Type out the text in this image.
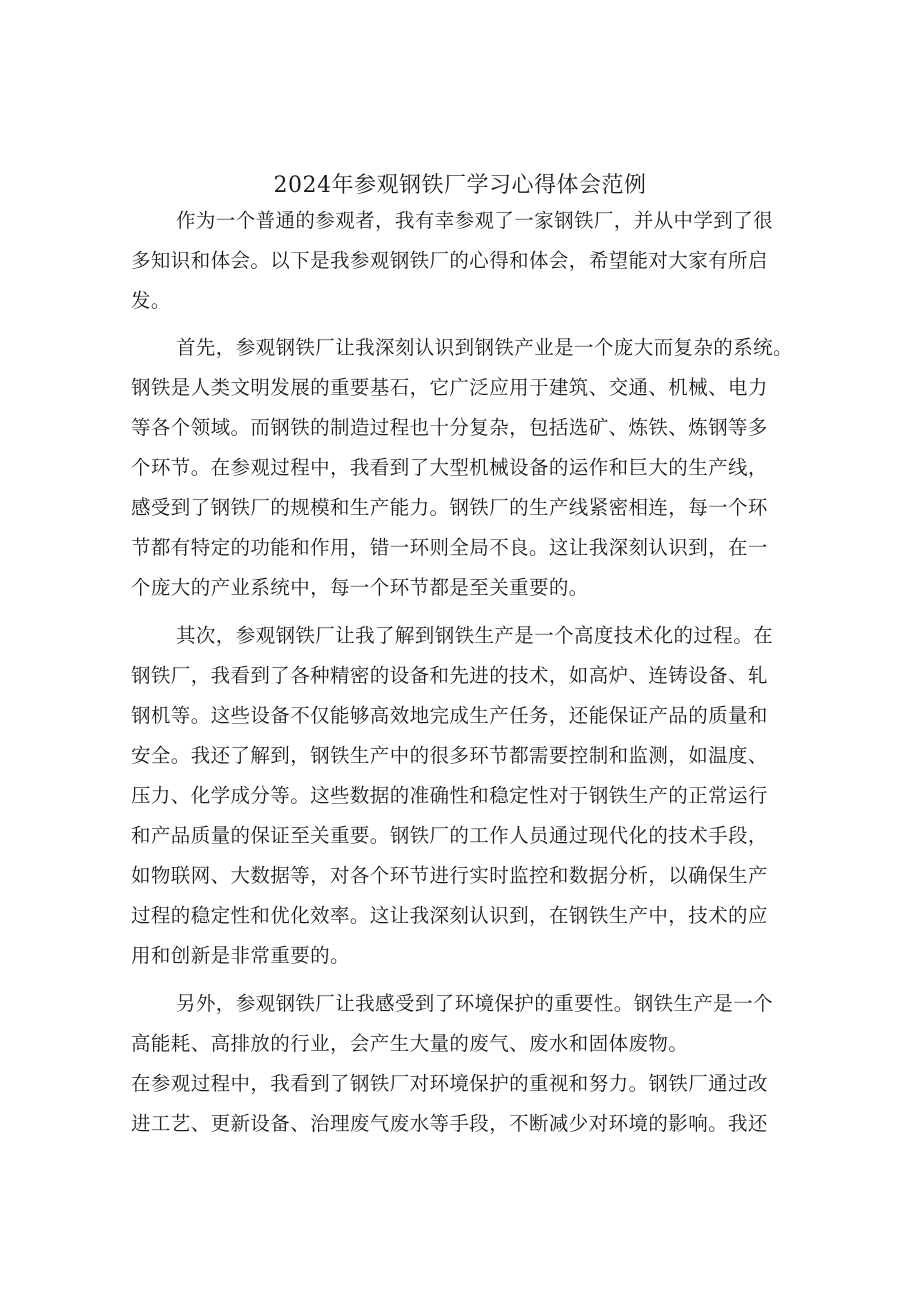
2024年参观钢铁厂学习心得体会范例
作为一个普通的参观者，我有幸参观了一家钢铁厂，并从中学到了很
多知识和体会。以下是我参观钢铁厂的心得和体会，希望能对大家有所启
发。
首先，参观钢铁厂让我深刻认识到钢铁产业是一个庞大而复杂的系统。
钢铁是人类文明发展的重要基石，它广泛应用于建筑、交通、机械、电力
等各个领域。而钢铁的制造过程也十分复杂，包括选矿、炼铁、炼钢等多
个环节。在参观过程中，我看到了大型机械设备的运作和巨大的生产线，
感受到了钢铁厂的规模和生产能力。钢铁厂的生产线紧密相连，每一个环
节都有特定的功能和作用，错一环则全局不良。这让我深刻认识到，在一
个庞大的产业系统中，每一个环节都是至关重要的。
其次，参观钢铁厂让我了解到钢铁生产是一个高度技术化的过程。在
钢铁厂，我看到了各种精密的设备和先进的技术，如高炉、连铸设备、轧
钢机等。这些设备不仅能够高效地完成生产任务，还能保证产品的质量和
安全。我还了解到，钢铁生产中的很多环节都需要控制和监测，如温度、
压力、化学成分等。这些数据的准确性和稳定性对于钢铁生产的正常运行
和产品质量的保证至关重要。钢铁厂的工作人员通过现代化的技术手段，
如物联网、大数据等，对各个环节进行实时监控和数据分析，以确保生产
过程的稳定性和优化效率。这让我深刻认识到，在钢铁生产中，技术的应
用和创新是非常重要的。
另外，参观钢铁厂让我感受到了环境保护的重要性。钢铁生产是一个
高能耗、高排放的行业，会产生大量的废气、废水和固体废物。
在参观过程中，我看到了钢铁厂对环境保护的重视和努力。钢铁厂通过改
进工艺、更新设备、治理废气废水等手段，不断减少对环境的影响。我还
